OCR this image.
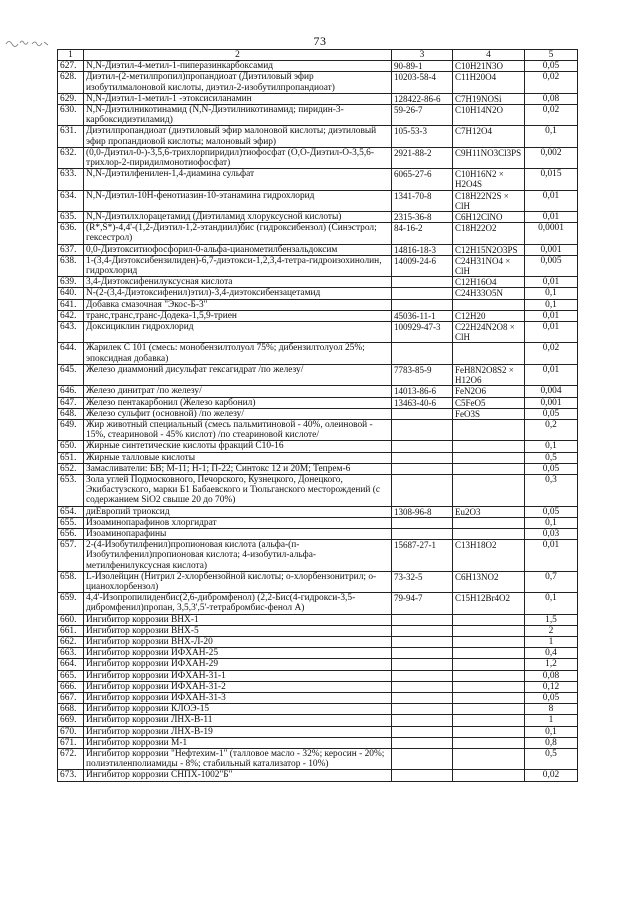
73
1	2	3	4	5
627.	N,N-Диэтил-4-метил-1-пиперазинкарбоксамид	90-89-1	C10H21N3O	0,05
628.	Диэтил-(2-метилпропил)пропандиоат (Диэтиловый эфир изобутилмалоновой кислоты, диэтил-2-изобутилпропандиоат)	10203-58-4	C11H20O4	0,02
629.	N,N-Диэтил-1-метил-1 -этоксисиланамин	128422-86-6	C7H19NOSi	0,08
630.	N,N-Диэтилникотинамид (N,N-Диэтилникотинамид; пиридин-3-карбоксидиэтиламид)	59-26-7	C10H14N2O	0,02
631.	Диэтилпропандиоат (диэтиловый эфир малоновой кислоты; диэтиловый эфир пропандиовой кислоты; малоновый эфир)	105-53-3	C7H12O4	0,1
632.	(0,0-Диэтил-0-)-3,5,6-трихлорпиридил)тиофосфат (О,О-Диэтил-О-3,5,6-трихлор-2-пиридилмонотиофосфат)	2921-88-2	C9H11NO3Cl3PS	0,002
633.	N,N-Диэтилфенилен-1,4-диамина сульфат	6065-27-6	C10H16N2 × H2O4S	0,015
634.	N,N-Диэтил-10Н-фенотиазин-10-этанамина гидрохлорид	1341-70-8	C18H22N2S × ClH	0,01
635.	N,N-Диэтилхлорацетамид (Диэтиламид хлоруксусной кислоты)	2315-36-8	C6H12ClNO	0,01
636.	(R*,S*)-4,4'-(1,2-Диэтил-1,2-этандиил)бис (гидроксибензол) (Синэстрол; гексестрол)	84-16-2	C18H22O2	0,0001
637.	0,0-Диэтокситиофосфорил-0-альфа-цианометилбензальдоксим	14816-18-3	C12H15N2O3PS	0,001
638.	1-(3,4-Диэтоксибензилиден)-6,7-диэтокси-1,2,3,4-тетра-гидроизохинолин, гидрохлорид	14009-24-6	C24H31NO4 × ClH	0,005
639.	3,4-Диэтоксифенилуксусная кислота		C12H16O4	0,01
640.	N-(2-(3,4-Диэтоксифенил)этил)-3,4-диэтоксибензацетамид		C24H33O5N	0,1
641.	Добавка смазочная "Экос-Б-3"			0,1
642.	транс,транс,транс-Додека-1,5,9-триен	45036-11-1	C12H20	0,01
643.	Доксициклин гидрохлорид	100929-47-3	C22H24N2O8 × ClH	0,01
644.	Жарилек С 101 (смесь: монобензилтолуол 75%; дибензилтолуол 25%; эпоксидная добавка)			0,02
645.	Железо диаммоний дисульфат гексагидрат /по железу/	7783-85-9	FeH8N2O8S2 × H12O6	0,01
646.	Железо динитрат /по железу/	14013-86-6	FeN2O6	0,004
647.	Железо пентакарбонил (Железо карбонил)	13463-40-6	C5FeO5	0,001
648.	Железо сульфит (основной) /по железу/		FeO3S	0,05
649.	Жир животный специальный (смесь пальмитиновой - 40%, олеиновой - 15%, стеариновой - 45% кислот) /по стеариновой кислоте/			0,2
650.	Жирные синтетические кислоты фракций С10-16			0,1
651.	Жирные талловые кислоты			0,5
652.	Замасливатели: БВ; М-11; Н-1; П-22; Синтокс 12 и 20М; Тепрем-6			0,05
653.	Зола углей Подмосковного, Печорского, Кузнецкого, Донецкого, Экибастузского, марки Б1 Бабаевского и Тюльганского месторождений (с содержанием SiO2 свыше 20 до 70%)			0,3
654.	диЕвропий триоксид	1308-96-8	Eu2O3	0,05
655.	Изоаминопарафинов хлоргидрат			0,1
656.	Изоаминопарафины			0,03
657.	2-(4-Изобутилфенил)пропионовая кислота (альфа-(п-Изобутилфенил)пропионовая кислота; 4-изобутил-альфа-метилфенилуксусная кислота)	15687-27-1	C13H18O2	0,01
658.	L-Изолейцин (Нитрил 2-хлорбензойной кислоты; о-хлорбензонитрил; о-цианохлорбензол)	73-32-5	C6H13NO2	0,7
659.	4,4'-Изопропилиденбис(2,6-дибромфенол) (2,2-Бис(4-гидрокси-3,5-дибромфенил)пропан, 3,5,3',5'-тетрабромбис-фенол А)	79-94-7	C15H12Br4O2	0,1
660.	Ингибитор коррозии ВНХ-1			1,5
661.	Ингибитор коррозии ВНХ-5			2
662.	Ингибитор коррозии ВНХ-Л-20			1
663.	Ингибитор коррозии ИФХАН-25			0,4
664.	Ингибитор коррозии ИФХАН-29			1,2
665.	Ингибитор коррозии ИФХАН-31-1			0,08
666.	Ингибитор коррозии ИФХАН-31-2			0,12
667.	Ингибитор коррозии ИФХАН-31-3			0,05
668.	Ингибитор коррозии КЛОЭ-15			8
669.	Ингибитор коррозии ЛНХ-В-11			1
670.	Ингибитор коррозии ЛНХ-В-19			0,1
671.	Ингибитор коррозии М-1			0,8
672.	Ингибитор коррозии "Нефтехим-1" (талловое масло - 32%; керосин - 20%; полиэтиленполиамиды - 8%; стабильный катализатор - 10%)			0,5
673.	Ингибитор коррозии СНПХ-1002"Б"			0,02
